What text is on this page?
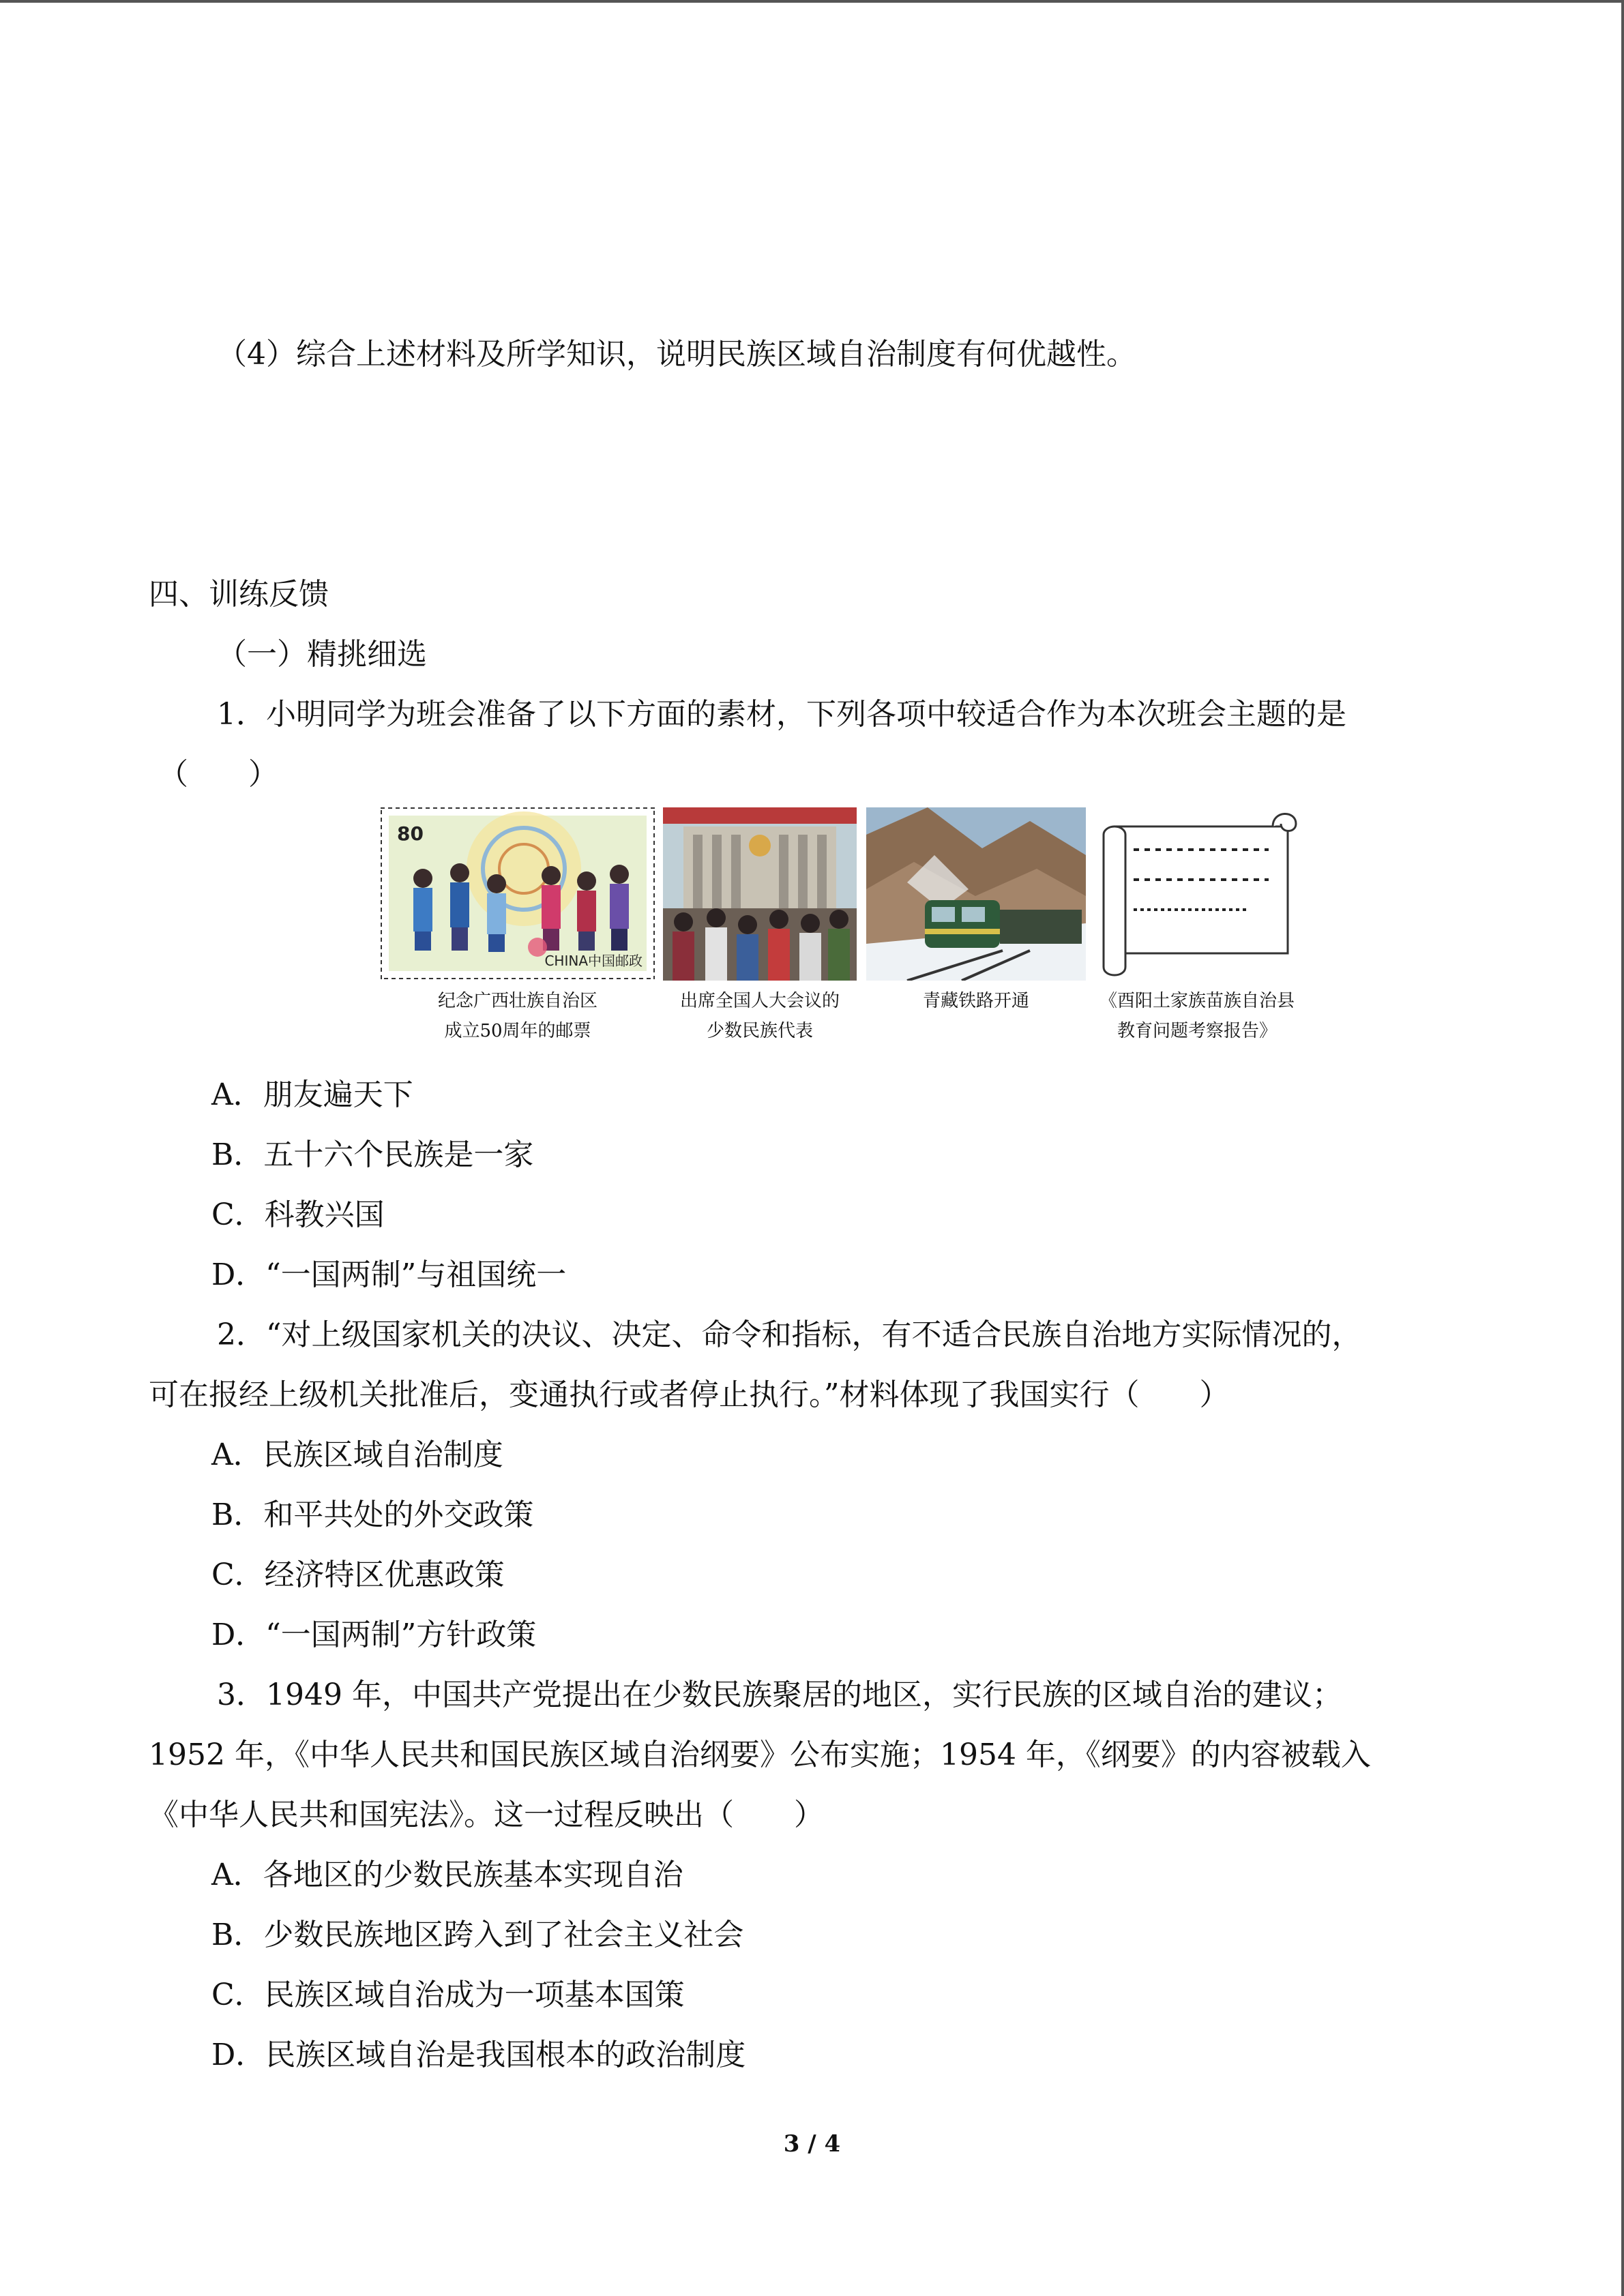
（4）综合上述材料及所学知识，说明民族区域自治制度有何优越性。
四、训练反馈
（一）精挑细选
1．小明同学为班会准备了以下方面的素材，下列各项中较适合作为本次班会主题的是
（　　）
80
CHINA中国邮政
纪念广西壮族自治区
成立50周年的邮票
出席全国人大会议的
少数民族代表
青藏铁路开通	《酉阳土家族苗族自治县
教育问题考察报告》
A．朋友遍天下
B．五十六个民族是一家
C．科教兴国
D．“一国两制”与祖国统一
2．“对上级国家机关的决议、决定、命令和指标，有不适合民族自治地方实际情况的，
可在报经上级机关批准后，变通执行或者停止执行。”材料体现了我国实行（　　）
A．民族区域自治制度
B．和平共处的外交政策
C．经济特区优惠政策
D．“一国两制”方针政策
3．1949 年，中国共产党提出在少数民族聚居的地区，实行民族的区域自治的建议；
1952 年，《中华人民共和国民族区域自治纲要》公布实施；1954 年，《纲要》的内容被载入
《中华人民共和国宪法》。这一过程反映出（　　）
A．各地区的少数民族基本实现自治
B．少数民族地区跨入到了社会主义社会
C．民族区域自治成为一项基本国策
D．民族区域自治是我国根本的政治制度
3 / 4
